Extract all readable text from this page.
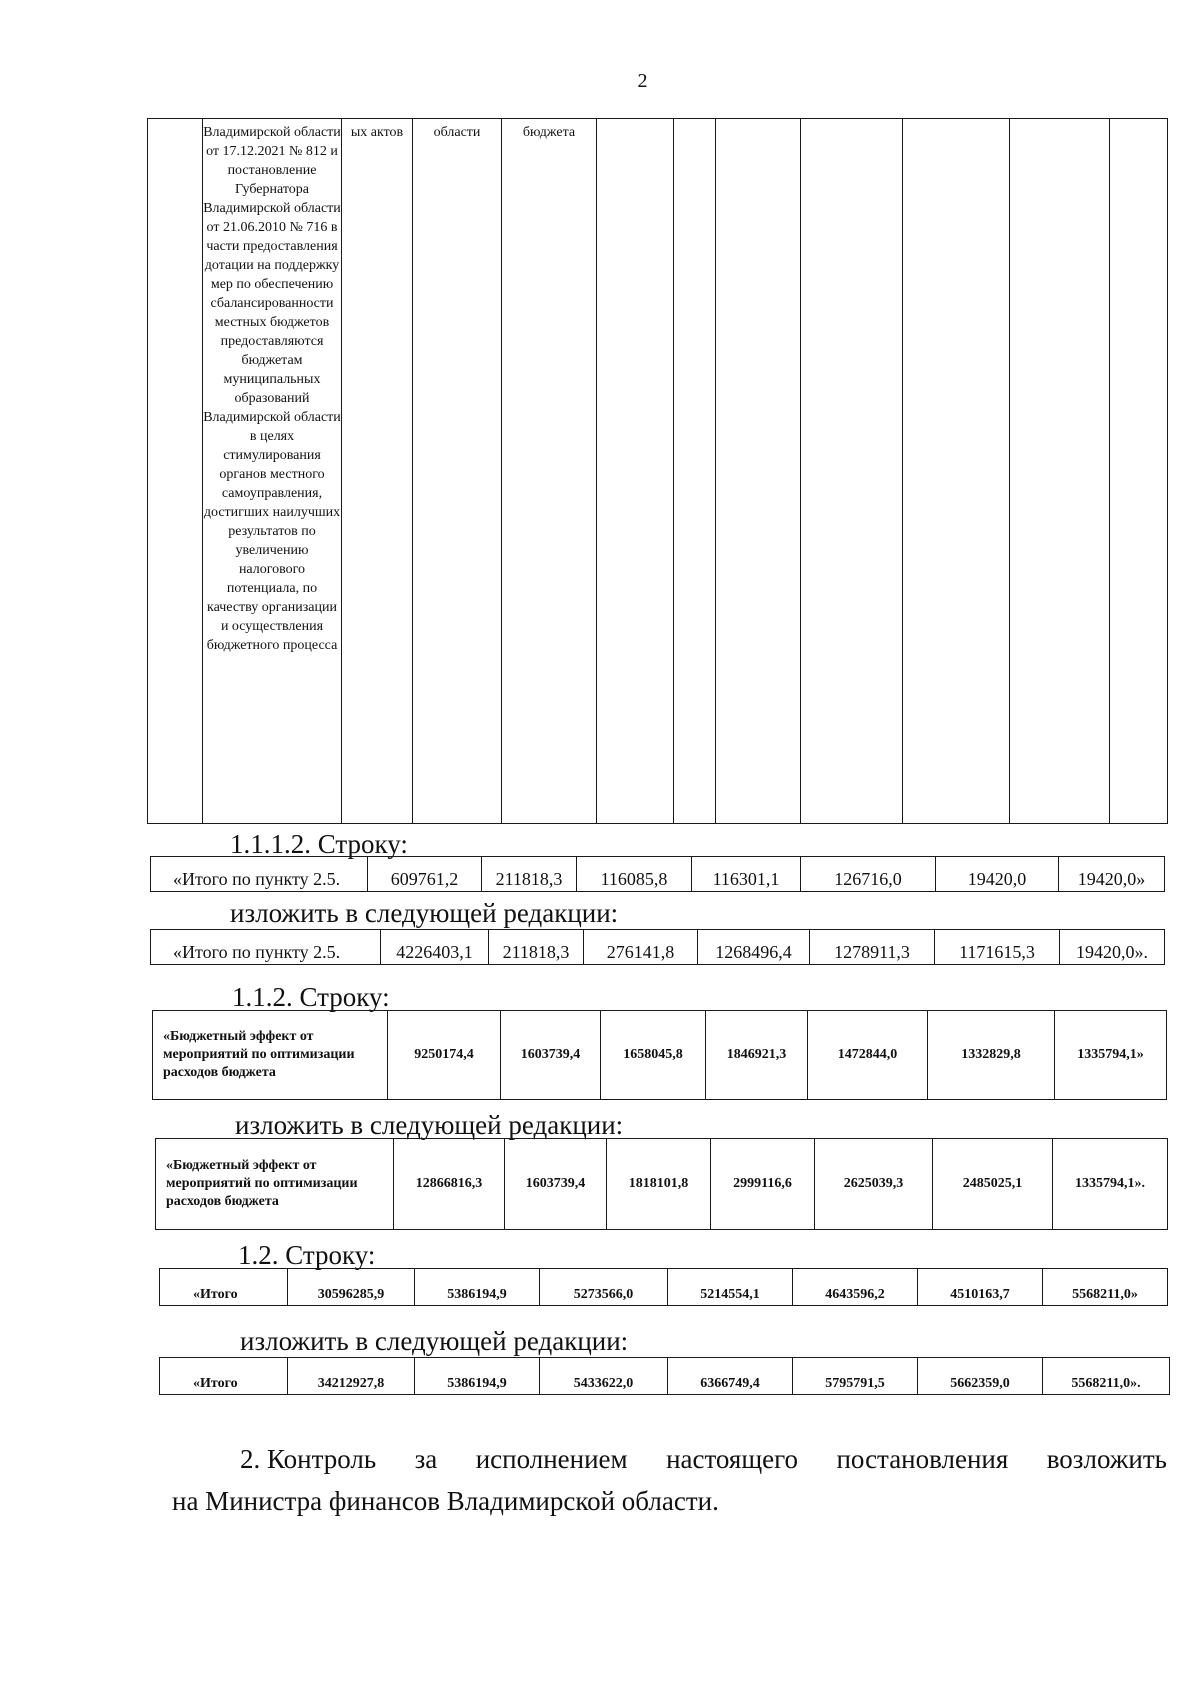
2
	Владимирской области от 17.12.2021 № 812 и постановление Губернатора Владимирской области от 21.06.2010 № 716 в части предоставления дотации на поддержку мер по обеспечению сбалансированности местных бюджетов предоставляются бюджетам муниципальных образований Владимирской области в целях стимулирования органов местного самоуправления, достигших наилучших результатов по увеличению налогового потенциала, по качеству организации и осуществления бюджетного процесса	ых актов	области	бюджета							
1.1.1.2. Строку:
«Итого по пункту 2.5.	609761,2	211818,3	116085,8	116301,1	126716,0	19420,0	19420,0»
изложить в следующей редакции:
«Итого по пункту 2.5.	4226403,1	211818,3	276141,8	1268496,4	1278911,3	1171615,3	19420,0».
1.1.2. Строку:
«Бюджетный эффект от мероприятий по оптимизации расходов бюджета	9250174,4	1603739,4	1658045,8	1846921,3	1472844,0	1332829,8	1335794,1»
изложить в следующей редакции:
«Бюджетный эффект от мероприятий по оптимизации расходов бюджета	12866816,3	1603739,4	1818101,8	2999116,6	2625039,3	2485025,1	1335794,1».
1.2. Строку:
«Итого	30596285,9	5386194,9	5273566,0	5214554,1	4643596,2	4510163,7	5568211,0»
изложить в следующей редакции:
«Итого	34212927,8	5386194,9	5433622,0	6366749,4	5795791,5	5662359,0	5568211,0».
2. Контроль за исполнением настоящего постановления возложить
на Министра финансов Владимирской области.
